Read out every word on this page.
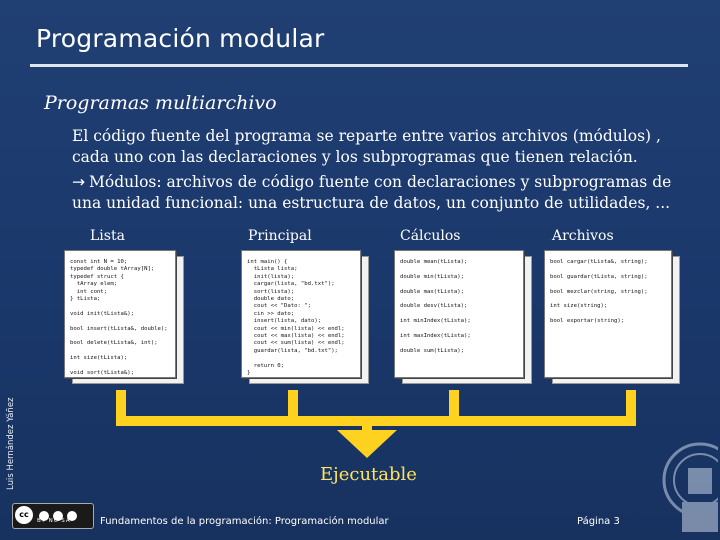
Programación modular
Programas multiarchivo
El código fuente del programa se reparte entre varios archivos (módulos) , cada uno con las declaraciones y los subprogramas que tienen relación.
→ Módulos: archivos de código fuente con declaraciones y subprogramas de una unidad funcional: una estructura de datos, un conjunto de utilidades, ...
Lista	Principal	Cálculos	Archivos
const int N = 10;
typedef double tArray[N];
typedef struct {
tArray elem;
int cont;
} tLista;

void init(tLista&);

bool insert(tLista&, double);

bool delete(tLista&, int);

int size(tLista);

void sort(tLista&);
int main() {
tLista lista;
init(lista);
cargar(lista, "bd.txt");
sort(lista);
double dato;
cout << "Dato: ";
cin >> dato;
insert(lista, dato);
cout << min(lista) << endl;
cout << max(lista) << endl;
cout << sum(lista) << endl;
guardar(lista, "bd.txt");

return 0;
}
double mean(tLista);

double min(tLista);

double max(tLista);

double desv(tLista);

int minIndex(tLista);

int maxIndex(tLista);

double sum(tLista);
bool cargar(tLista&, string);

bool guardar(tLista, string);

bool mezclar(string, string);

int size(string);

bool exportar(string);
Ejecutable
Luis Hernández Yáñez
cc
BY NC SA	Fundamentos de la programación: Programación modular	Página 3
